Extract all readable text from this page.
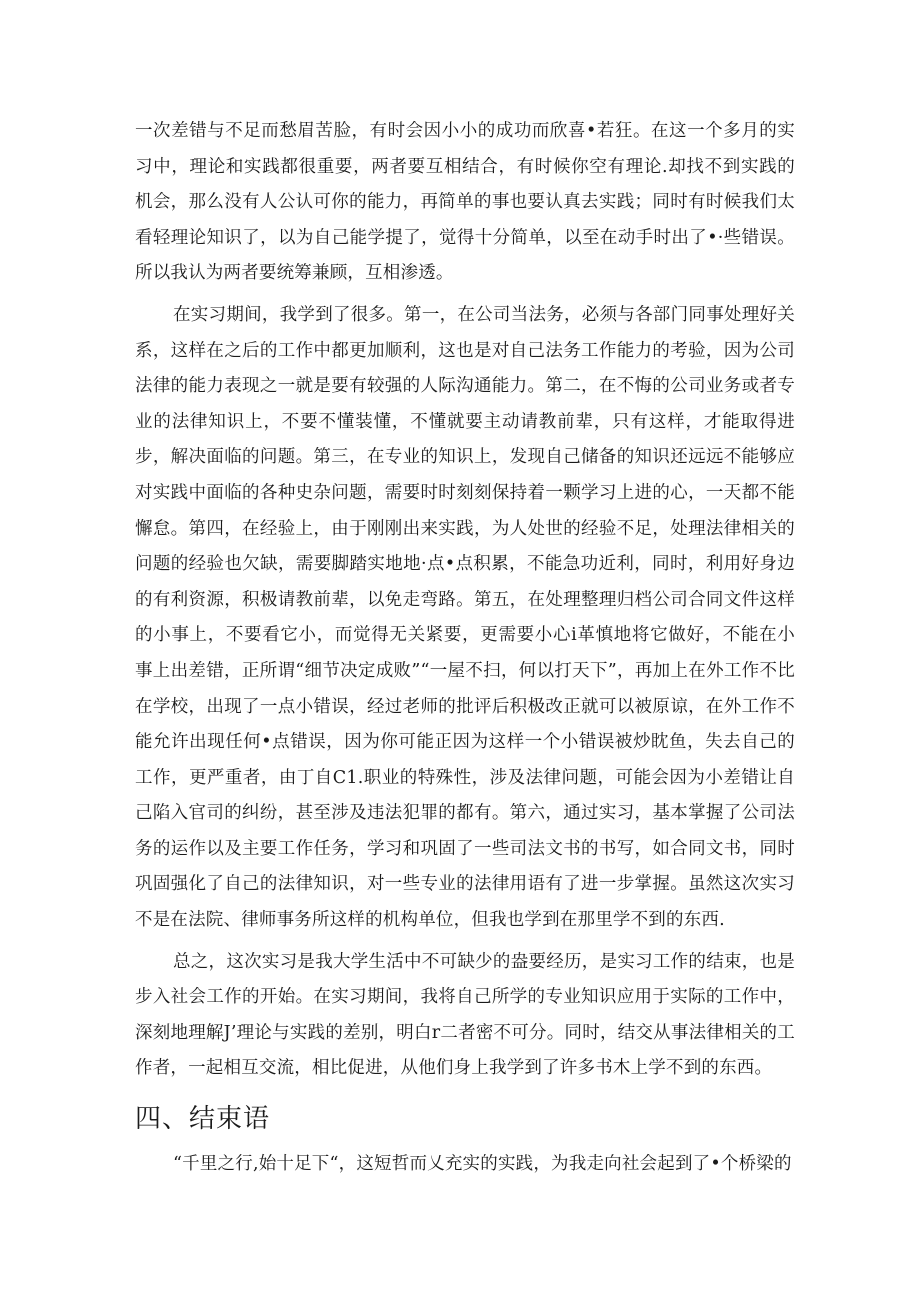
一次差错与不足而愁眉苦脸，有时会因小小的成功而欣喜•若狂。在这一个多月的实习中，理论和实践都很重要，两者要互相结合，有时候你空有理论.却找不到实践的机会，那么没有人公认可你的能力，再简单的事也要认真去实践；同时有时候我们太看轻理论知识了，以为自己能学提了，觉得十分简单，以至在动手时出了•·些错误。所以我认为两者要统筹兼顾，互相渗透。

在实习期间，我学到了很多。第一，在公司当法务，必须与各部门同事处理好关系，这样在之后的工作中都更加顺利，这也是对自己法务工作能力的考验，因为公司法律的能力表现之一就是要有较强的人际沟通能力。第二，在不悔的公司业务或者专业的法律知识上，不要不懂装懂，不懂就要主动请教前辈，只有这样，才能取得进步，解决面临的问题。第三，在专业的知识上，发现自己储备的知识还远远不能够应对实践中面临的各种史杂问题，需要时时刻刻保持着一颗学习上进的心，一天都不能懈怠。第四，在经验上，由于刚刚出来实践，为人处世的经验不足，处理法律相关的问题的经验也欠缺，需要脚踏实地地·点•点积累，不能急功近利，同时，利用好身边的有利资源，积极请教前辈，以免走弯路。第五，在处理整理归档公司合同文件这样的小事上，不要看它小，而觉得无关紧要，更需要小心i革慎地将它做好，不能在小事上出差错，正所谓“细节决定成败”“一屋不扫，何以打天下”，再加上在外工作不比在学校，出现了一点小错误，经过老师的批评后积极改正就可以被原谅，在外工作不能允许出现任何•点错误，因为你可能正因为这样一个小错误被炒眈鱼，失去自己的工作，更严重者，由丁自C1.职业的特殊性，涉及法律问题，可能会因为小差错让自己陷入官司的纠纷，甚至涉及违法犯罪的都有。第六，通过实习，基本掌握了公司法务的运作以及主要工作任务，学习和巩固了一些司法文书的书写，如合同文书，同时巩固强化了自己的法律知识，对一些专业的法律用语有了进一步掌握。虽然这次实习不是在法院、律师事务所这样的机构单位，但我也学到在那里学不到的东西.

总之，这次实习是我大学生活中不可缺少的盎要经历，是实习工作的结束，也是步入社会工作的开始。在实习期间，我将自己所学的专业知识应用于实际的工作中，深刻地理解J’理论与实践的差别，明白r二者密不可分。同时，结交从事法律相关的工作者，一起相互交流，相比促进，从他们身上我学到了许多书木上学不到的东西。

四、结束语

“千里之行,始十足下“，这短哲而乂充实的实践，为我走向社会起到了•个桥梁的
